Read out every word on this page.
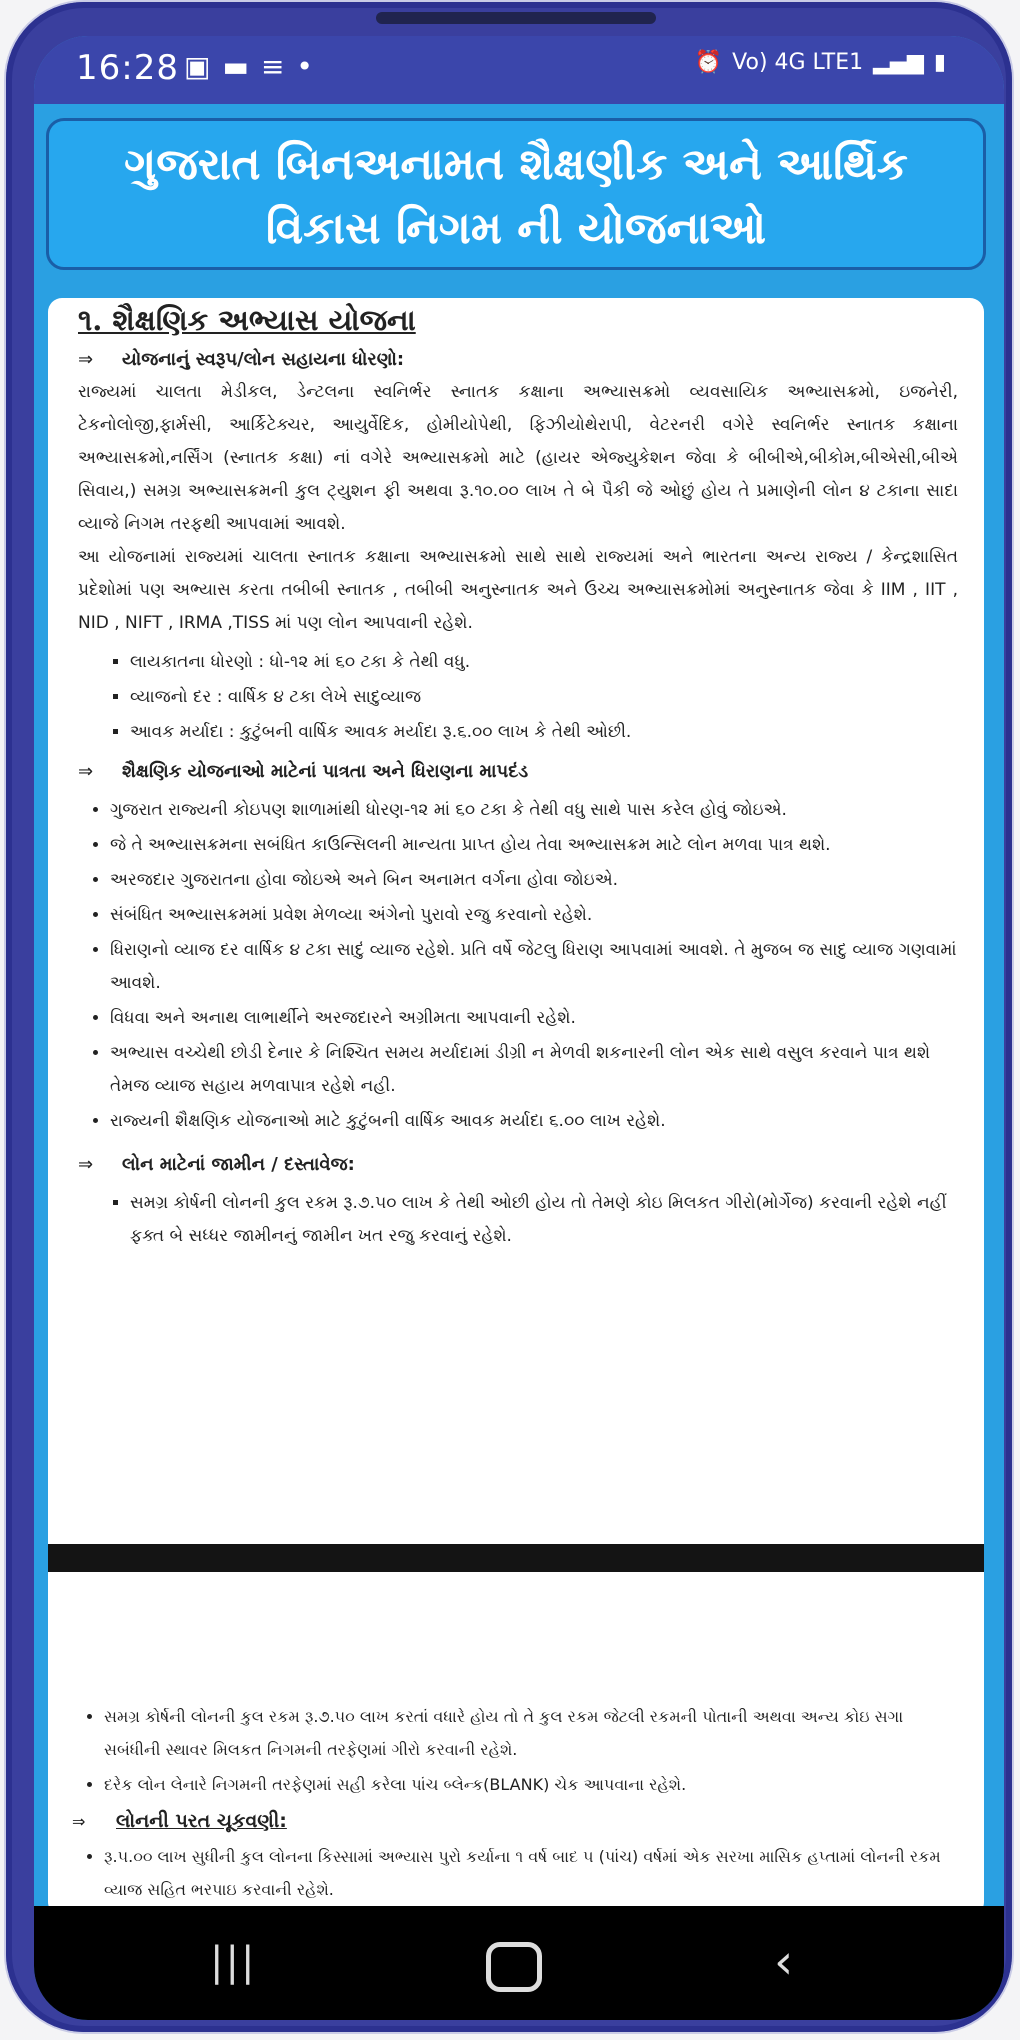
16:28 ▣ ▬ ≡ •	⏰ Vo) 4G LTE1 ▂▄▆ ▮
ગુજરાત બિનઅનામત શૈક્ષણીક અને આર્થિક
વિકાસ નિગમ ની યોજનાઓ
૧. શૈક્ષણિક અભ્યાસ યોજના
⇒ યોજનાનું સ્વરૂપ/લોન સહાયના ધોરણો:
રાજ્યમાં ચાલતા મેડીકલ, ડેન્ટલના સ્વનિર્ભર સ્નાતક કક્ષાના અભ્યાસક્રમો વ્યવસાયિક અભ્યાસક્રમો, ઇજનેરી, ટેકનોલોજી,ફાર્મસી, આર્કિટેક્ચર, આયુર્વેદિક, હોમીયોપેથી, ફિઝીયોથેરાપી, વેટરનરી વગેરે સ્વનિર્ભર સ્નાતક કક્ષાના અભ્યાસક્રમો,નર્સિંગ (સ્નાતક કક્ષા) નાં વગેરે અભ્યાસક્રમો માટે (હાયર એજ્યુકેશન જેવા કે બીબીએ,બીકોમ,બીએસી,બીએ સિવાય,) સમગ્ર અભ્યાસક્રમની કુલ ટ્યુશન ફી અથવા રૂ.૧૦.૦૦ લાખ તે બે પૈકી જે ઓછું હોય તે પ્રમાણેની લોન ૪ ટકાના સાદા વ્યાજે નિગમ તરફથી આપવામાં આવશે.
આ યોજનામાં રાજ્યમાં ચાલતા સ્નાતક કક્ષાના અભ્યાસક્રમો સાથે સાથે રાજ્યમાં અને ભારતના અન્ય રાજ્ય / કેન્દ્રશાસિત પ્રદેશોમાં પણ અભ્યાસ કરતા તબીબી સ્નાતક , તબીબી અનુસ્નાતક અને ઉચ્ચ અભ્યાસક્રમોમાં અનુસ્નાતક જેવા કે IIM , IIT , NID , NIFT , IRMA ,TISS માં પણ લોન આપવાની રહેશે.
▪ લાયકાતના ધોરણો : ધો-૧૨ માં ૬૦ ટકા કે તેથી વધુ.
▪ વ્યાજનો દર : વાર્ષિક ૪ ટકા લેખે સાદુવ્યાજ
▪ આવક મર્યાદા : કુટુંબની વાર્ષિક આવક મર્યાદા રૂ.૬.૦૦ લાખ કે તેથી ઓછી.
⇒ શૈક્ષણિક યોજનાઓ માટેનાં પાત્રતા અને ધિરાણના માપદંડ
• ગુજરાત રાજ્યની કોઇપણ શાળામાંથી ધોરણ-૧૨ માં ૬૦ ટકા કે તેથી વધુ સાથે પાસ કરેલ હોવું જોઇએ.
• જે તે અભ્યાસક્રમના સબંધિત કાઉન્સિલની માન્યતા પ્રાપ્ત હોય તેવા અભ્યાસક્રમ માટે લોન મળવા પાત્ર થશે.
• અરજદાર ગુજરાતના હોવા જોઇએ અને બિન અનામત વર્ગના હોવા જોઇએ.
• સંબંધિત અભ્યાસક્રમમાં પ્રવેશ મેળવ્યા અંગેનો પુરાવો રજુ કરવાનો રહેશે.
• ધિરાણનો વ્યાજ દર વાર્ષિક ૪ ટકા સાદું વ્યાજ રહેશે. પ્રતિ વર્ષે જેટલુ ધિરાણ આપવામાં આવશે. તે મુજબ જ સાદુ વ્યાજ ગણવામાં આવશે.
• વિધવા અને અનાથ લાભાર્થીને અરજદારને અગ્રીમતા આપવાની રહેશે.
• અભ્યાસ વચ્ચેથી છોડી દેનાર કે નિશ્ચિત સમય મર્યાદામાં ડીગ્રી ન મેળવી શકનારની લોન એક સાથે વસુલ કરવાને પાત્ર થશે તેમજ વ્યાજ સહાય મળવાપાત્ર રહેશે નહી.
• રાજ્યની શૈક્ષણિક યોજનાઓ માટે કુટુંબની વાર્ષિક આવક મર્યાદા ૬.૦૦ લાખ રહેશે.
⇒ લોન માટેનાં જામીન / દસ્તાવેજ:
▪ સમગ્ર કોર્ષની લોનની કુલ રકમ રૂ.૭.૫૦ લાખ કે તેથી ઓછી હોય તો તેમણે કોઇ મિલકત ગીરો(મોર્ગેજ) કરવાની રહેશે નહીં ફક્ત બે સધ્ધર જામીનનું જામીન ખત રજુ કરવાનું રહેશે.
• સમગ્ર કોર્ષની લોનની કુલ રકમ રૂ.૭.૫૦ લાખ કરતાં વધારે હોય તો તે કુલ રકમ જેટલી રકમની પોતાની અથવા અન્ય કોઇ સગા સબંધીની સ્થાવર મિલકત નિગમની તરફેણમાં ગીરો કરવાની રહેશે.
• દરેક લોન લેનારે નિગમની તરફેણમાં સહી કરેલા પાંચ બ્લેન્ક(BLANK) ચેક આપવાના રહેશે.
⇒ લોનની પરત ચૂકવણી:
• રૂ.૫.૦૦ લાખ સુધીની કુલ લોનના કિસ્સામાં અભ્યાસ પુરો કર્યાના ૧ વર્ષ બાદ ૫ (પાંચ) વર્ષમાં એક સરખા માસિક હપ્તામાં લોનની રકમ વ્યાજ સહિત ભરપાઇ કરવાની રહેશે.
|||	‹
